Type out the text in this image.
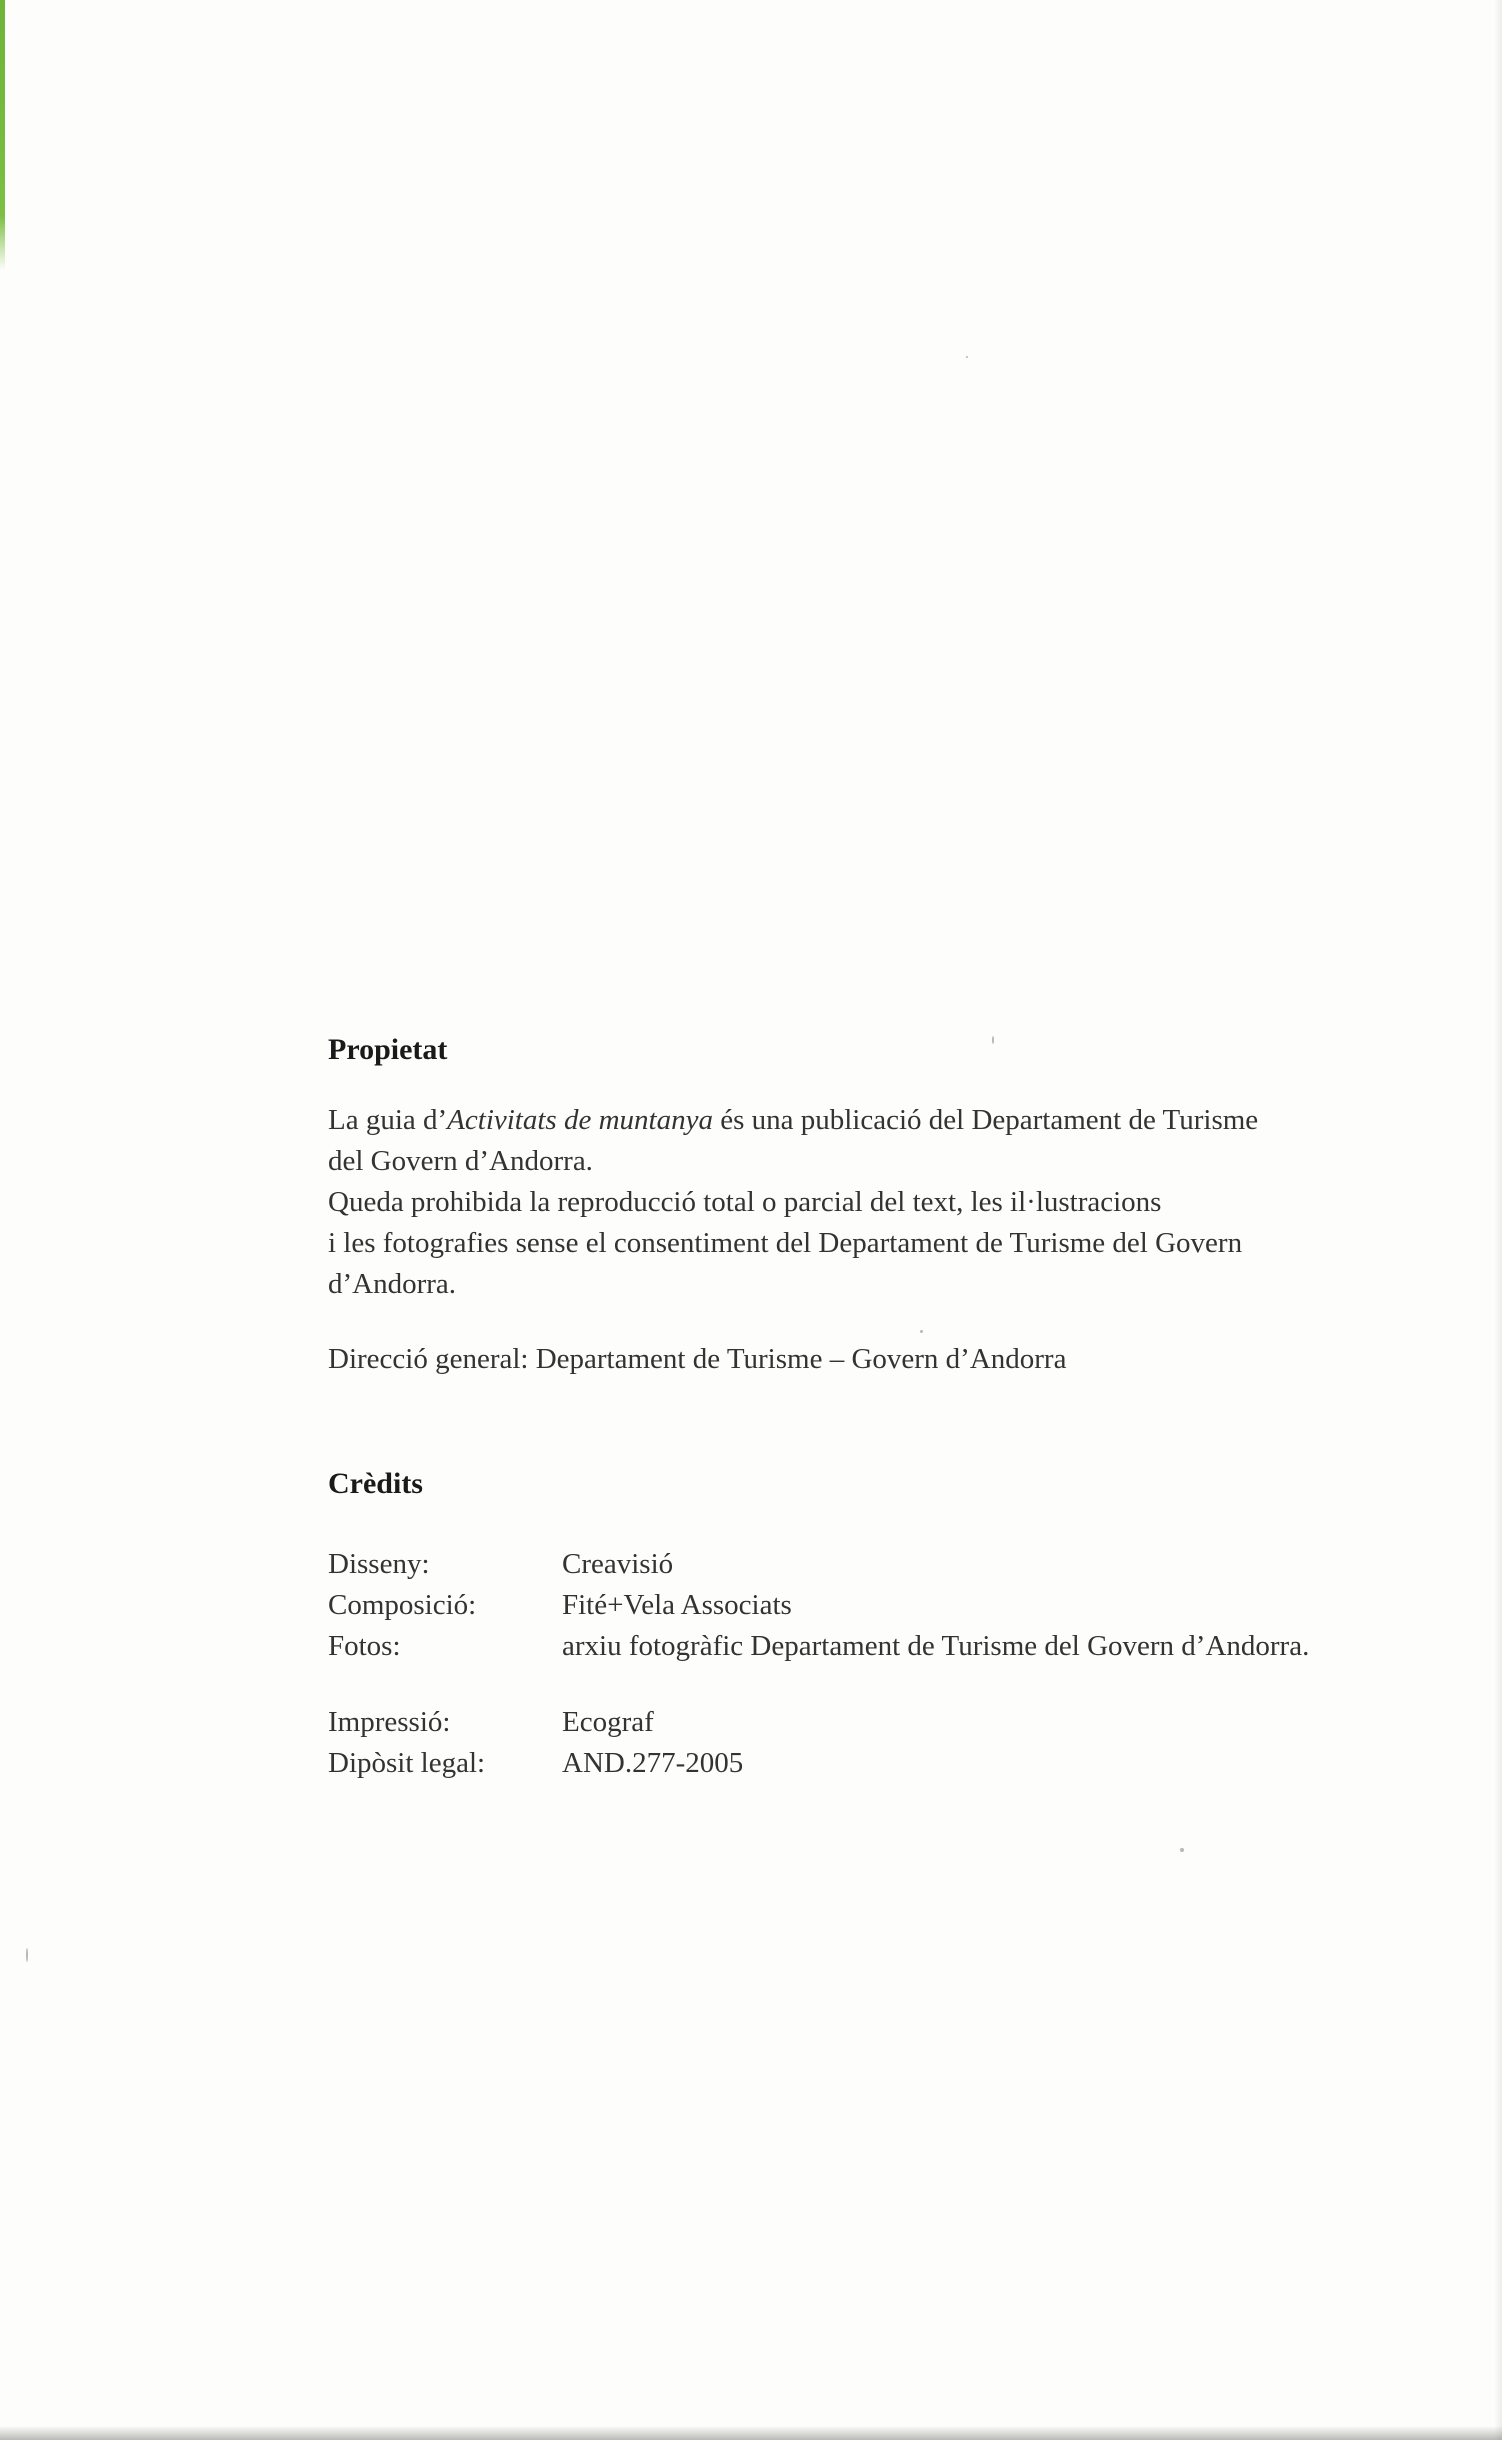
Propietat

La guia d’Activitats de muntanya és una publicació del Departament de Turisme
del Govern d’Andorra.
Queda prohibida la reproducció total o parcial del text, les il·lustracions
i les fotografies sense el consentiment del Departament de Turisme del Govern
d’Andorra.

Direcció general: Departament de Turisme – Govern d’Andorra

Crèdits
Disseny:	Creavisió
Composició:	Fité+Vela Associats
Fotos:	arxiu fotogràfic Departament de Turisme del Govern d’Andorra.
Impressió:	Ecograf
Dipòsit legal:	AND.277-2005
